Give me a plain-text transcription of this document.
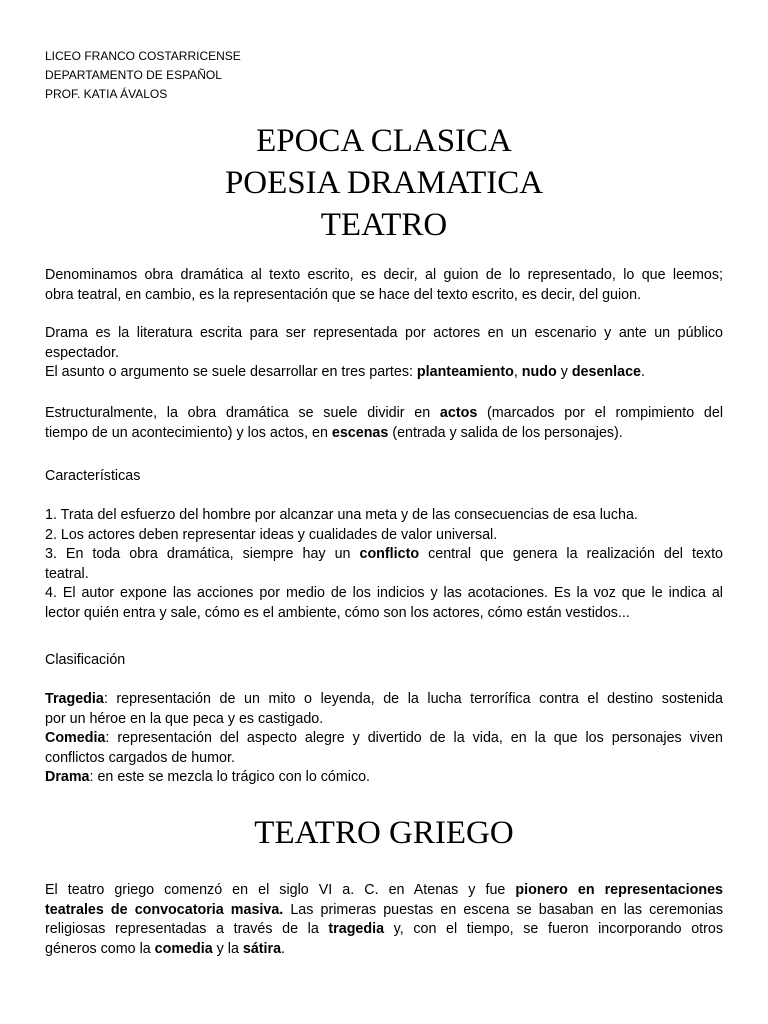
LICEO FRANCO COSTARRICENSE
DEPARTAMENTO DE ESPAÑOL
PROF. KATIA ÁVALOS
EPOCA CLASICA
POESIA DRAMATICA
TEATRO
Denominamos obra dramática al texto escrito, es decir, al guion de lo representado, lo que leemos;
obra teatral, en cambio, es la representación que se hace del texto escrito, es decir, del guion.
Drama es la literatura escrita para ser representada por actores en un escenario y ante un público
espectador.
El asunto o argumento se suele desarrollar en tres partes: planteamiento, nudo y desenlace.
Estructuralmente, la obra dramática se suele dividir en actos (marcados por el rompimiento del
tiempo de un acontecimiento) y los actos, en escenas (entrada y salida de los personajes).
Características
1. Trata del esfuerzo del hombre por alcanzar una meta y de las consecuencias de esa lucha.
2. Los actores deben representar ideas y cualidades de valor universal.
3. En toda obra dramática, siempre hay un conflicto central que genera la realización del texto
teatral.
4. El autor expone las acciones por medio de los indicios y las acotaciones. Es la voz que le indica al
lector quién entra y sale, cómo es el ambiente, cómo son los actores, cómo están vestidos...
Clasificación
Tragedia: representación de un mito o leyenda, de la lucha terrorífica contra el destino sostenida
por un héroe en la que peca y es castigado.
Comedia: representación del aspecto alegre y divertido de la vida, en la que los personajes viven
conflictos cargados de humor.
Drama: en este se mezcla lo trágico con lo cómico.
TEATRO GRIEGO
El teatro griego comenzó en el siglo VI a. C. en Atenas y fue pionero en representaciones
teatrales de convocatoria masiva. Las primeras puestas en escena se basaban en las ceremonias
religiosas representadas a través de la tragedia y, con el tiempo, se fueron incorporando otros
géneros como la comedia y la sátira.
